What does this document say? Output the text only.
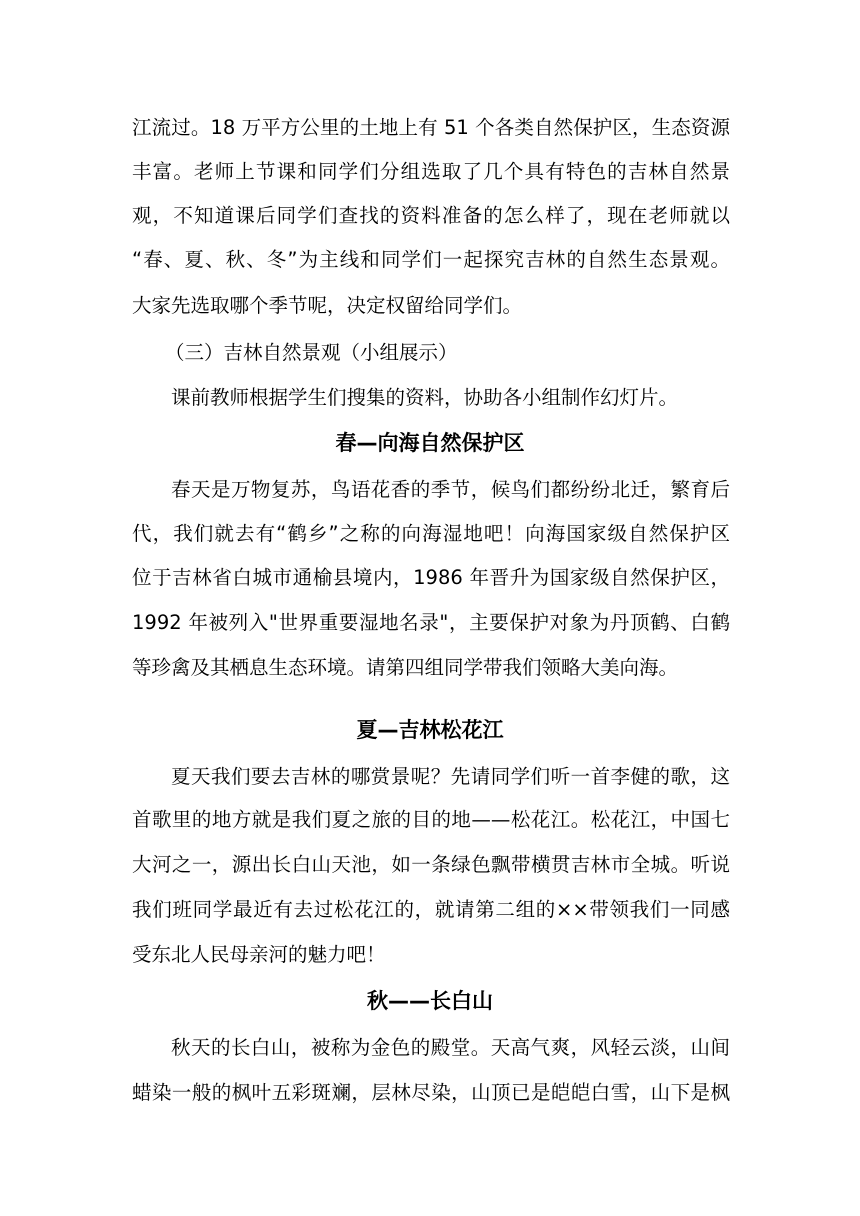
江流过。18 万平方公里的土地上有 51 个各类自然保护区，生态资源

丰富。老师上节课和同学们分组选取了几个具有特色的吉林自然景

观，不知道课后同学们查找的资料准备的怎么样了，现在老师就以

“春、夏、秋、冬”为主线和同学们一起探究吉林的自然生态景观。

大家先选取哪个季节呢，决定权留给同学们。

（三）吉林自然景观（小组展示）

课前教师根据学生们搜集的资料，协助各小组制作幻灯片。

春—向海自然保护区

春天是万物复苏，鸟语花香的季节，候鸟们都纷纷北迁，繁育后

代，我们就去有“鹤乡”之称的向海湿地吧！向海国家级自然保护区

位于吉林省白城市通榆县境内，1986 年晋升为国家级自然保护区，

1992 年被列入"世界重要湿地名录"，主要保护对象为丹顶鹤、白鹤

等珍禽及其栖息生态环境。请第四组同学带我们领略大美向海。

夏—吉林松花江

夏天我们要去吉林的哪赏景呢？先请同学们听一首李健的歌，这

首歌里的地方就是我们夏之旅的目的地——松花江。松花江，中国七

大河之一，源出长白山天池，如一条绿色飘带横贯吉林市全城。听说

我们班同学最近有去过松花江的，就请第二组的××带领我们一同感

受东北人民母亲河的魅力吧！

秋——长白山

秋天的长白山，被称为金色的殿堂。天高气爽，风轻云淡，山间

蜡染一般的枫叶五彩斑斓，层林尽染，山顶已是皑皑白雪，山下是枫
